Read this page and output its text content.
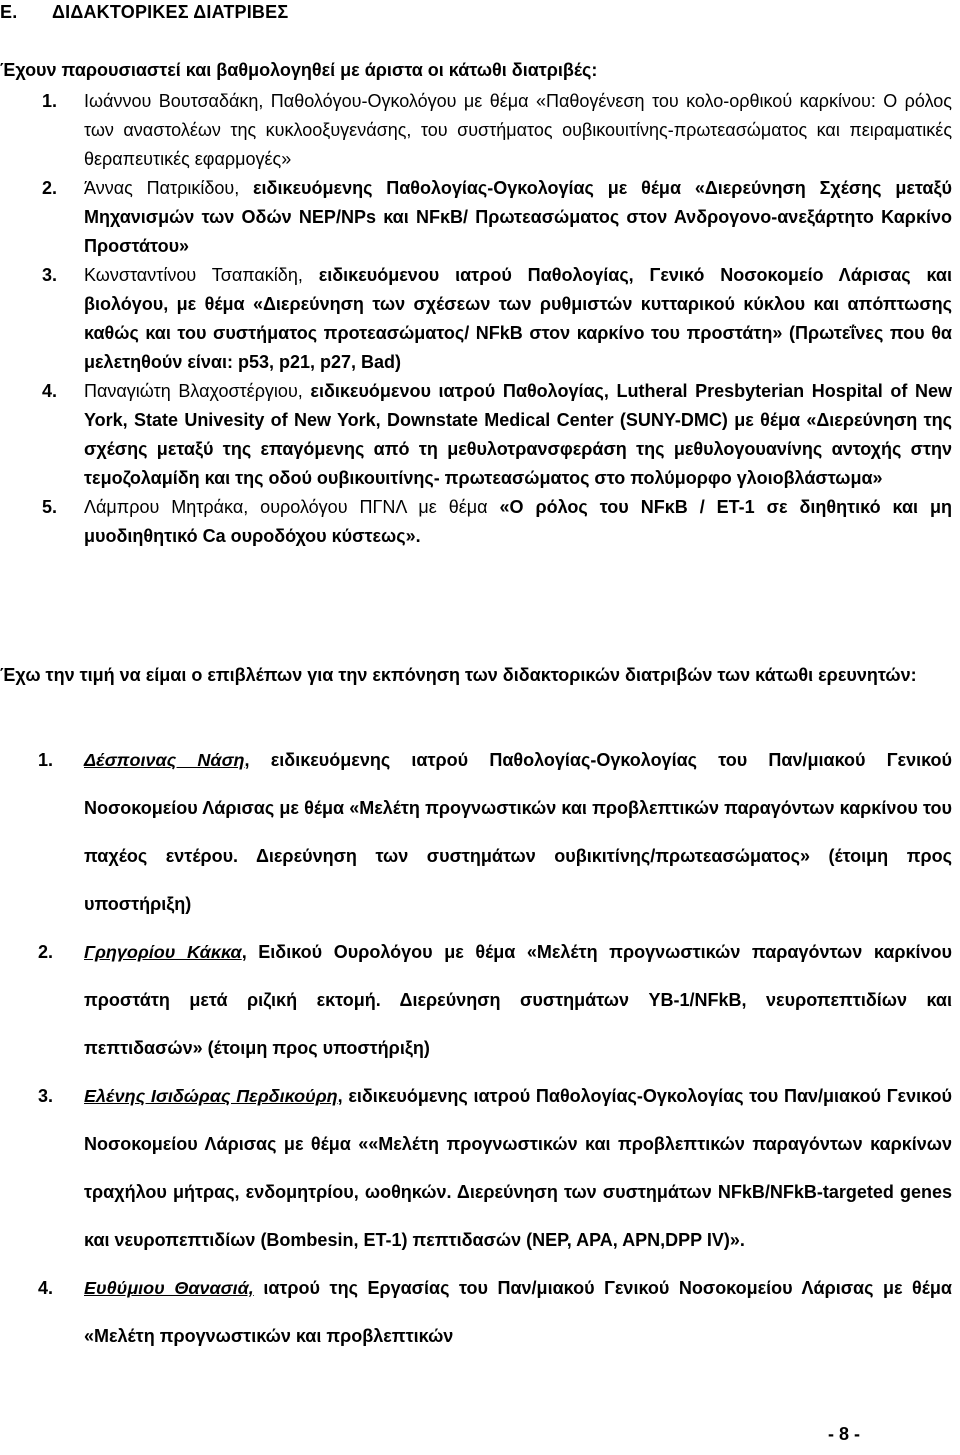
Ε. ΔΙΔΑΚΤΟΡΙΚΕΣ ΔΙΑΤΡΙΒΕΣ
Έχουν παρουσιαστεί και βαθμολογηθεί με άριστα οι κάτωθι διατριβές:
1. Ιωάννου Βουτσαδάκη, Παθολόγου-Ογκολόγου με θέμα «Παθογένεση του κολο-ορθικού καρκίνου: Ο ρόλος των αναστολέων της κυκλοοξυγενάσης, του συστήματος ουβικουιτίνης-πρωτεασώματος και πειραματικές θεραπευτικές εφαρμογές»
2. Άννας Πατρικίδου, ειδικευόμενης Παθολογίας-Ογκολογίας με θέμα «Διερεύνηση Σχέσης μεταξύ Μηχανισμών των Οδών NEP/NPs και NFκB/ Πρωτεασώματος στον Ανδρογονο-ανεξάρτητο Καρκίνο Προστάτου»
3. Κωνσταντίνου Τσαπακίδη, ειδικευόμενου ιατρού Παθολογίας, Γενικό Νοσοκομείο Λάρισας και βιολόγου, με θέμα «Διερεύνηση των σχέσεων των ρυθμιστών κυτταρικού κύκλου και απόπτωσης καθώς και του συστήματος προτεασώματος/ NFkB στον καρκίνο του προστάτη» (Πρωτεΐνες που θα μελετηθούν είναι: p53, p21, p27, Bad)
4. Παναγιώτη Βλαχοστέργιου, ειδικευόμενου ιατρού Παθολογίας, Lutheral Presbyterian Hospital of New York, State Univesity of New York, Downstate Medical Center (SUNY-DMC) με θέμα «Διερεύνηση της σχέσης μεταξύ της επαγόμενης από τη μεθυλοτρανσφεράση της μεθυλογουανίνης αντοχής στην τεμοζολαμίδη και της οδού ουβικουιτίνης- πρωτεασώματος στο πολύμορφο γλοιοβλάστωμα»
5. Λάμπρου Μητράκα, ουρολόγου ΠΓΝΛ με θέμα «Ο ρόλος του NFκB / ET-1 σε διηθητικό και μη μυοδιηθητικό Ca ουροδόχου κύστεως».
Έχω την τιμή να είμαι ο επιβλέπων για την εκπόνηση των διδακτορικών διατριβών των κάτωθι ερευνητών:
1. Δέσποινας Νάση, ειδικευόμενης ιατρού Παθολογίας-Ογκολογίας του Παν/μιακού Γενικού Νοσοκομείου Λάρισας με θέμα «Μελέτη προγνωστικών και προβλεπτικών παραγόντων καρκίνου του παχέος εντέρου. Διερεύνηση των συστημάτων ουβικιτίνης/πρωτεασώματος» (έτοιμη προς υποστήριξη)
2. Γρηγορίου Κάκκα, Ειδικού Ουρολόγου με θέμα «Μελέτη προγνωστικών παραγόντων καρκίνου προστάτη μετά ριζική εκτομή. Διερεύνηση συστημάτων YB-1/NFkB, νευροπεπτιδίων και πεπτιδασών» (έτοιμη προς υποστήριξη)
3. Ελένης Ισιδώρας Περδικούρη, ειδικευόμενης ιατρού Παθολογίας-Ογκολογίας του Παν/μιακού Γενικού Νοσοκομείου Λάρισας με θέμα ««Μελέτη προγνωστικών και προβλεπτικών παραγόντων καρκίνων τραχήλου μήτρας, ενδομητρίου, ωοθηκών. Διερεύνηση των συστημάτων NFkB/NFkB-targeted genes και νευροπεπτιδίων (Bombesin, ET-1) πεπτιδασών (NEP, APA, APN,DPP IV)».
4. Ευθύμιου Θανασιά, ιατρού της Εργασίας του Παν/μιακού Γενικού Νοσοκομείου Λάρισας με θέμα «Μελέτη προγνωστικών και προβλεπτικών
- 8 -
